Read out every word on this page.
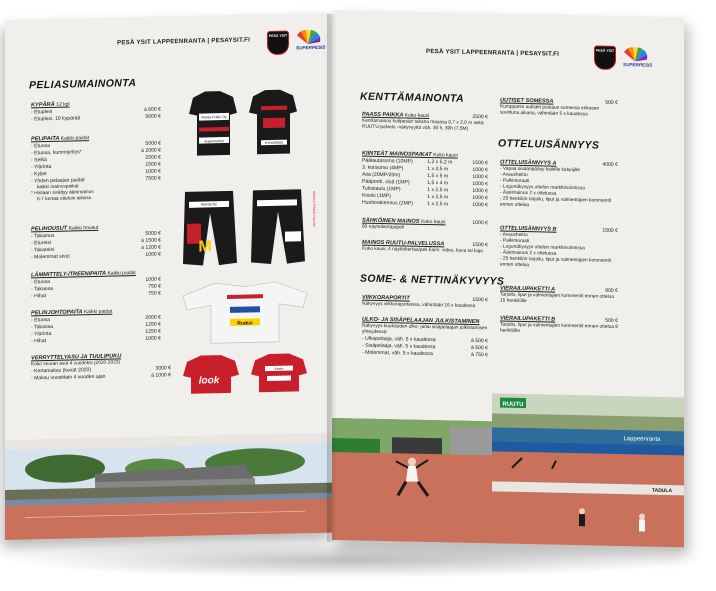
PESÄ YSIT LAPPEENRANTA | PESAYSIT.FI
PESÄ YSIT
SUPERPESIS
PELIASUMAINONTA
KYPÄRÄ 12 kpl
- Etuplexi	à 600 €
- Etuplexi, 10 kypärää	5000 €
PELIPAITA Kaikki paidat
- Etuosa	5000 €
- Etuosa, kummiyritys*	à 2000 €
- Selkä	2500 €
- Ylärinta	1500 €
- Kyljet	1000 €
- Yhden pelaajan paidat	7500 €
kaikki mainospaikat
* Hintaan sisältyy äänimainos
6-7 kertaa otteluin aikana
PELIHOUSUT Kaikki housut
- Takamus	5000 €
- Etureisi	à 1500 €
- Takareisi	à 1200 €
- Molemmat sivut	1000 €
LÄMMITTELY-/TREENIPAITA Kaikki paidat
- Etuosa	1000 €
- Takaosa	750 €
- Hihat	750 €
PELINJOHTOPAITA Kaikki paidat
- Etuosa	2000 €
- Takaosa	1250 €
- Ylärinta	1250 €
- Hihat	1000 €
VERRYTTELYASU JA TUULIPUKU
Koko seuran asut 4 vuodeksi (2020-2023)
- Kertamaksu (kevät 2020)	3000 €
- Maksu vuosittain 4 vuoden ajan	à 1000 €
Ranta-Pukki Oy
Supermarket	HYDORING
M
Mantta Oy	WORLD TRADE HOUSE
Rudus
look
Kesko
PESÄ YSIT LAPPEENRANTA | PESAYSIT.FI	PESÄ YSIT
SUPERPESIS
KENTTÄMAINONTA
PAASS PAIKKA Koko kausi	2500 €
Kenttämainos kotipesän takana maassa 0,7 x 2,0 m sekä RUUTU-palvelu -näkyvyyttä väh. 30 h, 30h (7,5M)
KIINTEÄT MAINOSPAIKAT Koko kausi
Päälautasomo (10MP)	1,2 x 5,2 m	1500 €
3. kotisomo (4MP)	1 x 4,5 m	1000 €
Aita (20MP/20m)	1,5 x 5 m	1000 €
Pääportti, sisä (1MP)	1,5 x 4 m	1000 €
Tulostaulu (1MP)	1 x 2,5 m	1000 €
Kioski (1MP)	1 x 2,5 m	1000 €
Huoltorakennus (2MP)	1 x 2,5 m	1000 €
SÄHKÖINEN MAINOS Koko kausi	1000 €
60 näyttökertaa/peli
MAINOS RUUTU-PALVELUSSA	1500 €
Koko kausi, 4 näyttökertaa/peli Esim. video, kuva tai logo
SOME- & NETTINÄKYVYYS
VIIKKORAPORTIT	1500 €
Näkyvyys viikkoraporteissa, vähintään 16 x kaudessa
ULKO- JA SISÄPELAAJAN JULKISTAMINEN
Näkyvyys kuukauden ulko- ja/tai sisäpelaajan julkistamisen yhteydessä:
- Ulkopelaaja, väh. 5 x kaudessa	à 500 €
- Sisäpelaaja, väh. 5 x kaudessa	à 500 €
- Molemmat, väh. 5 x kaudessa	à 750 €
UUTISET SOMESSA	500 €
Kumppanin uutisen postaus somessa erikseen sovittuna aikana, vähintään 5 x kaudessa
OTTELUISÄNNYYS
OTTELUISÄNNYYS A	4000 €
- Vapaa sisäänpääsy kaikille katsojille
- Avausheitto
- Palkintoraati
- Logonäkyvyys ottelun markkinoinnissa
- Äänimainos 2 x ottelussa
- 25 henkilön tarjoilu, liput ja valmentajien kommentit ennen ottelua
OTTELUISÄNNYYS B	1500 €
- Avausheitto
- Palkintoraati
- Logonäkyvyys ottelun markkinoinnissa
- Äänimainos 2 x ottelussa
- 25 henkilön tarjoilu, liput ja valmentajien kommentit ennen ottelua
VIERAILUPAKETTI A	800 €
Tarjoilu, liput ja valmentajien kommentit ennen ottelua 15 henkilölle
VIERAILUPAKETTI B	500 €
Tarjoilu, liput ja valmentajien kommentit ennen ottelua 8 henkilölle
RUUTU
Lappeenranta
TADULA
